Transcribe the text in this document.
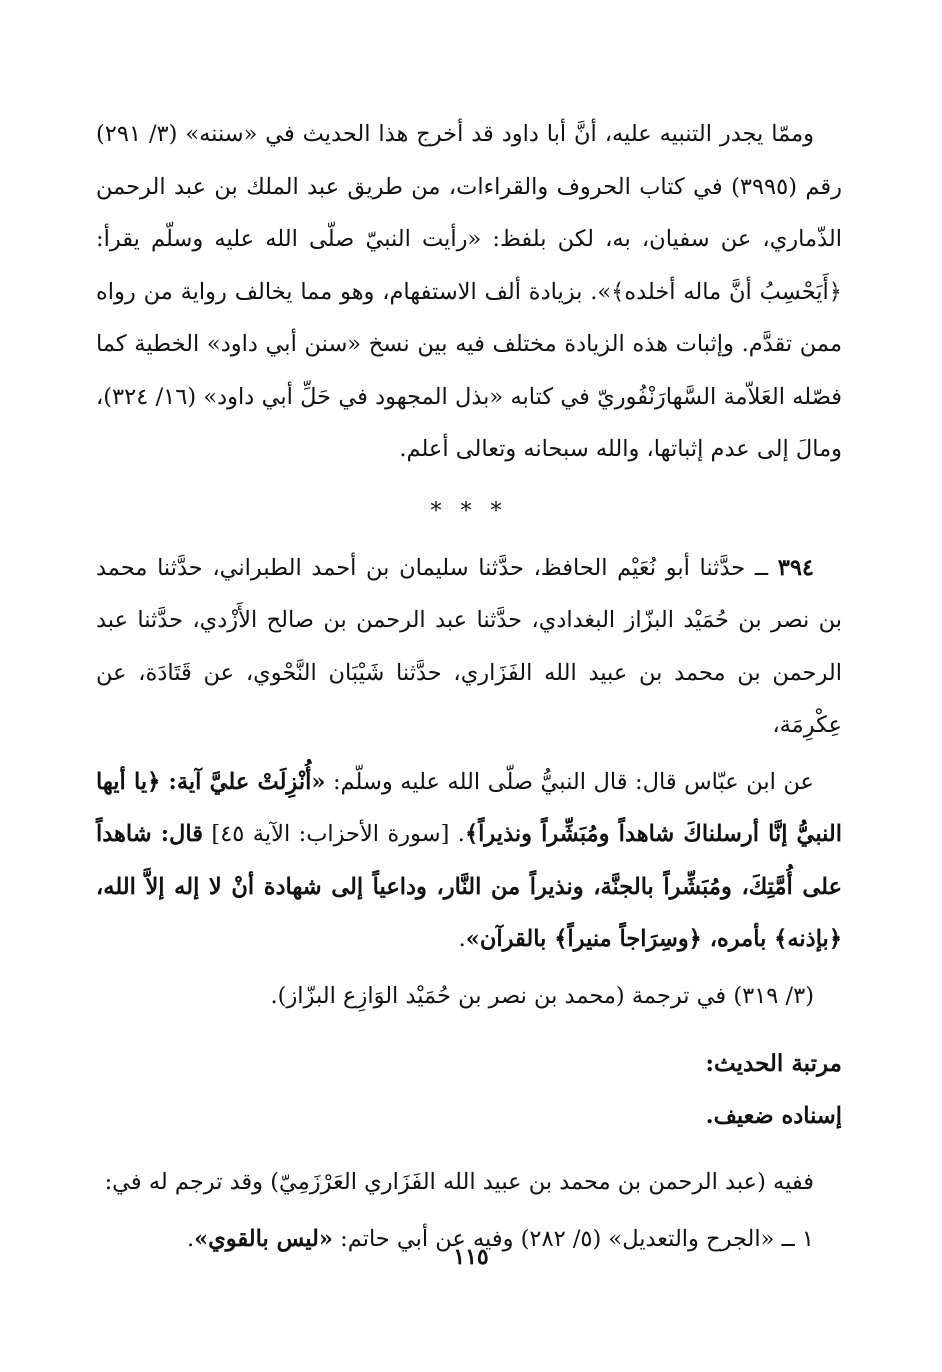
وممّا يجدر التنبيه عليه، أنَّ أبا داود قد أخرج هذا الحديث في «سننه» (٣/ ٢٩١) رقم (٣٩٩٥) في كتاب الحروف والقراءات، من طريق عبد الملك بن عبد الرحمن الذّماري، عن سفيان، به، لكن بلفظ: «رأيت النبيّ صلّى الله عليه وسلّم يقرأ: ﴿أَيَحْسِبُ أنَّ ماله أخلده﴾». بزيادة ألف الاستفهام، وهو مما يخالف رواية من رواه ممن تقدَّم. وإثبات هذه الزيادة مختلف فيه بين نسخ «سنن أبي داود» الخطية كما فصّله العَلاّمة السَّهارَنْفُوريّ في كتابه «بذل المجهود في حَلِّ أبي داود» (١٦/ ٣٢٤)، ومالَ إلى عدم إثباتها، والله سبحانه وتعالى أعلم.

* * *

٣٩٤ ــ حدَّثنا أبو نُعَيْم الحافظ، حدَّثنا سليمان بن أحمد الطبراني، حدَّثنا محمد بن نصر بن حُمَيْد البزّاز البغدادي، حدَّثنا عبد الرحمن بن صالح الأَزْدي، حدَّثنا عبد الرحمن بن محمد بن عبيد الله الفَزَاري، حدَّثنا شَيْبَان النَّحْوي، عن قَتَادَة، عن عِكْرِمَة،

عن ابن عبّاس قال: قال النبيُّ صلّى الله عليه وسلّم: «أُنْزِلَتْ عليَّ آية: ﴿يا أيها النبيُّ إنَّا أرسلناكَ شاهداً ومُبَشِّراً ونذيراً﴾. [سورة الأحزاب: الآية ٤٥] قال: شاهداً على أُمَّتِكَ، ومُبَشِّراً بالجنَّة، ونذيراً من النَّار، وداعياً إلى شهادة أنْ لا إله إلاَّ الله، ﴿بإذنه﴾ بأمره، ﴿وسِرَاجاً منيراً﴾ بالقرآن».

(٣/ ٣١٩) في ترجمة (محمد بن نصر بن حُمَيْد الوَازِع البزّاز).

مرتبة الحديث:
إسناده ضعيف.

ففيه (عبد الرحمن بن محمد بن عبيد الله الفَزَاري العَرْزَمِيّ) وقد ترجم له في:

١ ــ «الجرح والتعديل» (٥/ ٢٨٢) وفيه عن أبي حاتم: «ليس بالقوي».

١١٥
